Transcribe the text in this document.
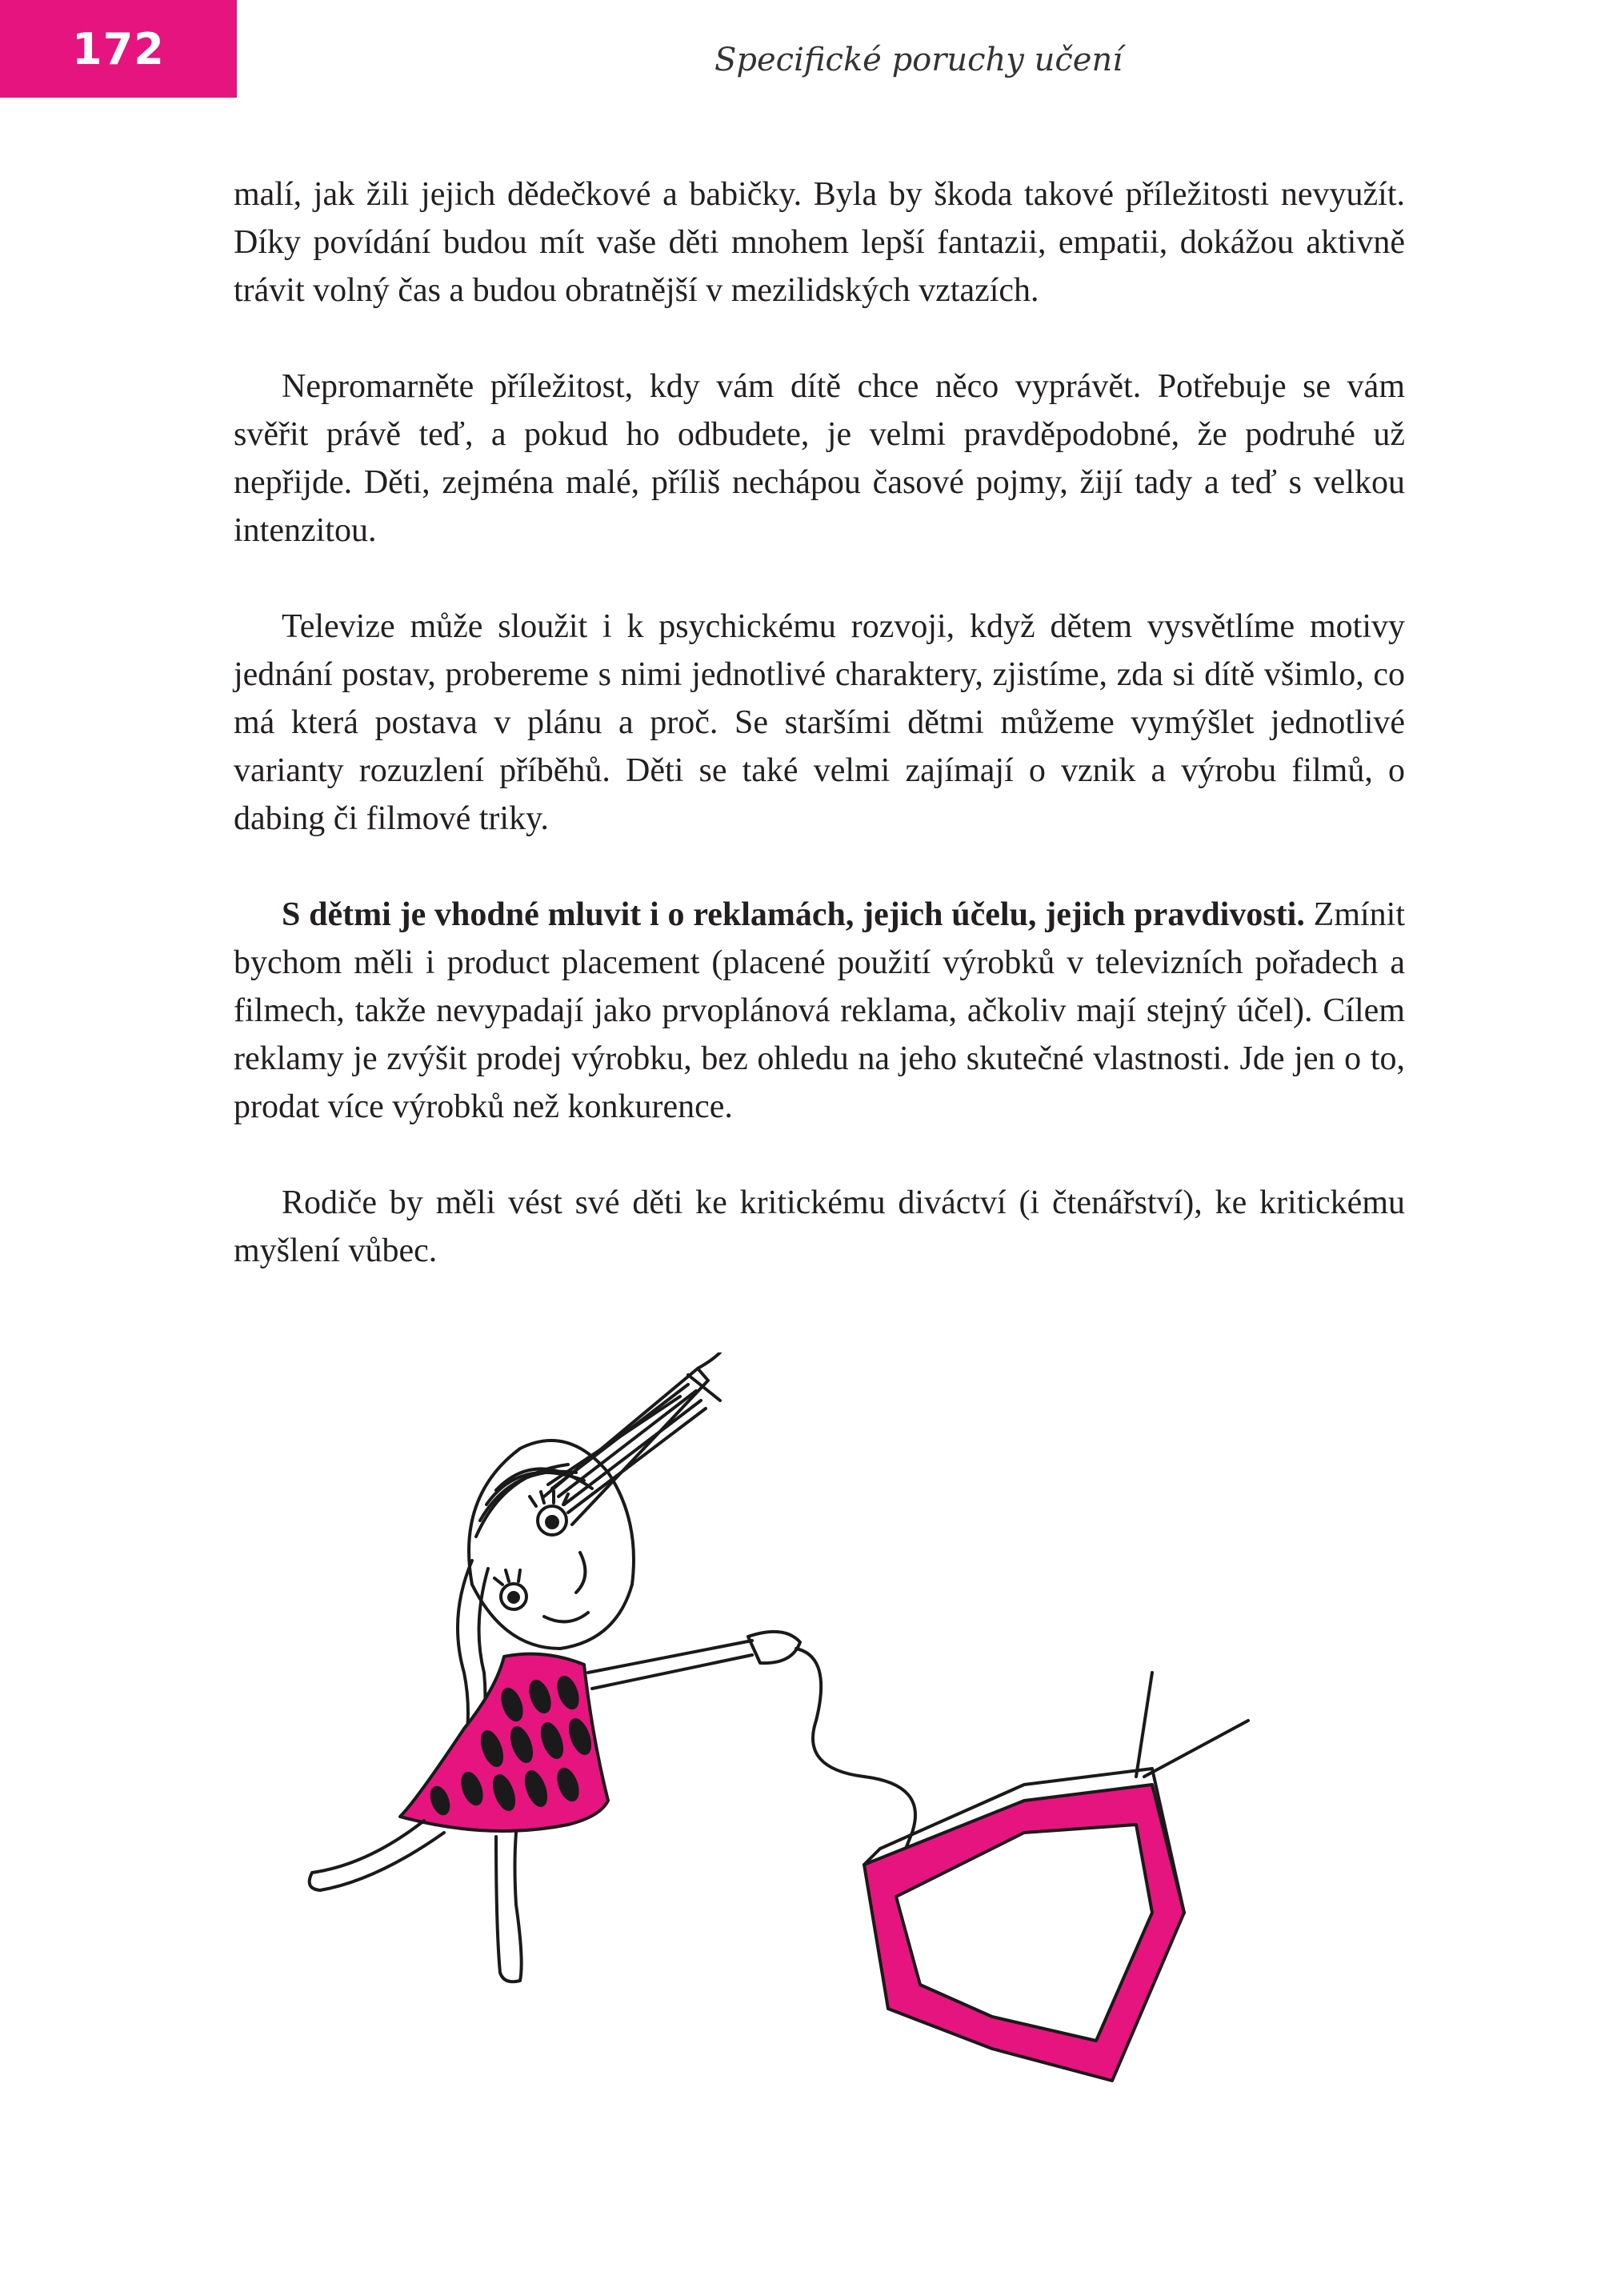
172	Specifické poruchy učení

malí, jak žili jejich dědečkové a babičky. Byla by škoda takové příležitosti nevyužít. Díky povídání budou mít vaše děti mnohem lepší fantazii, empatii, dokážou aktivně trávit volný čas a budou obratnější v mezilidských vztazích.

Nepromarněte příležitost, kdy vám dítě chce něco vyprávět. Potřebuje se vám svěřit právě teď, a pokud ho odbudete, je velmi pravděpodobné, že podruhé už nepřijde. Děti, zejména malé, příliš nechápou časové pojmy, žijí tady a teď s velkou intenzitou.

Televize může sloužit i k psychickému rozvoji, když dětem vysvětlíme motivy jednání postav, probereme s nimi jednotlivé charaktery, zjistíme, zda si dítě všimlo, co má která postava v plánu a proč. Se staršími dětmi můžeme vymýšlet jednotlivé varianty rozuzlení příběhů. Děti se také velmi zajímají o vznik a výrobu filmů, o dabing či filmové triky.

S dětmi je vhodné mluvit i o reklamách, jejich účelu, jejich pravdivosti. Zmínit bychom měli i product placement (placené použití výrobků v televizních pořadech a filmech, takže nevypadají jako prvoplánová reklama, ačkoliv mají stejný účel). Cílem reklamy je zvýšit prodej výrobku, bez ohledu na jeho skutečné vlastnosti. Jde jen o to, prodat více výrobků než konkurence.

Rodiče by měli vést své děti ke kritickému diváctví (i čtenářství), ke kritickému myšlení vůbec.
